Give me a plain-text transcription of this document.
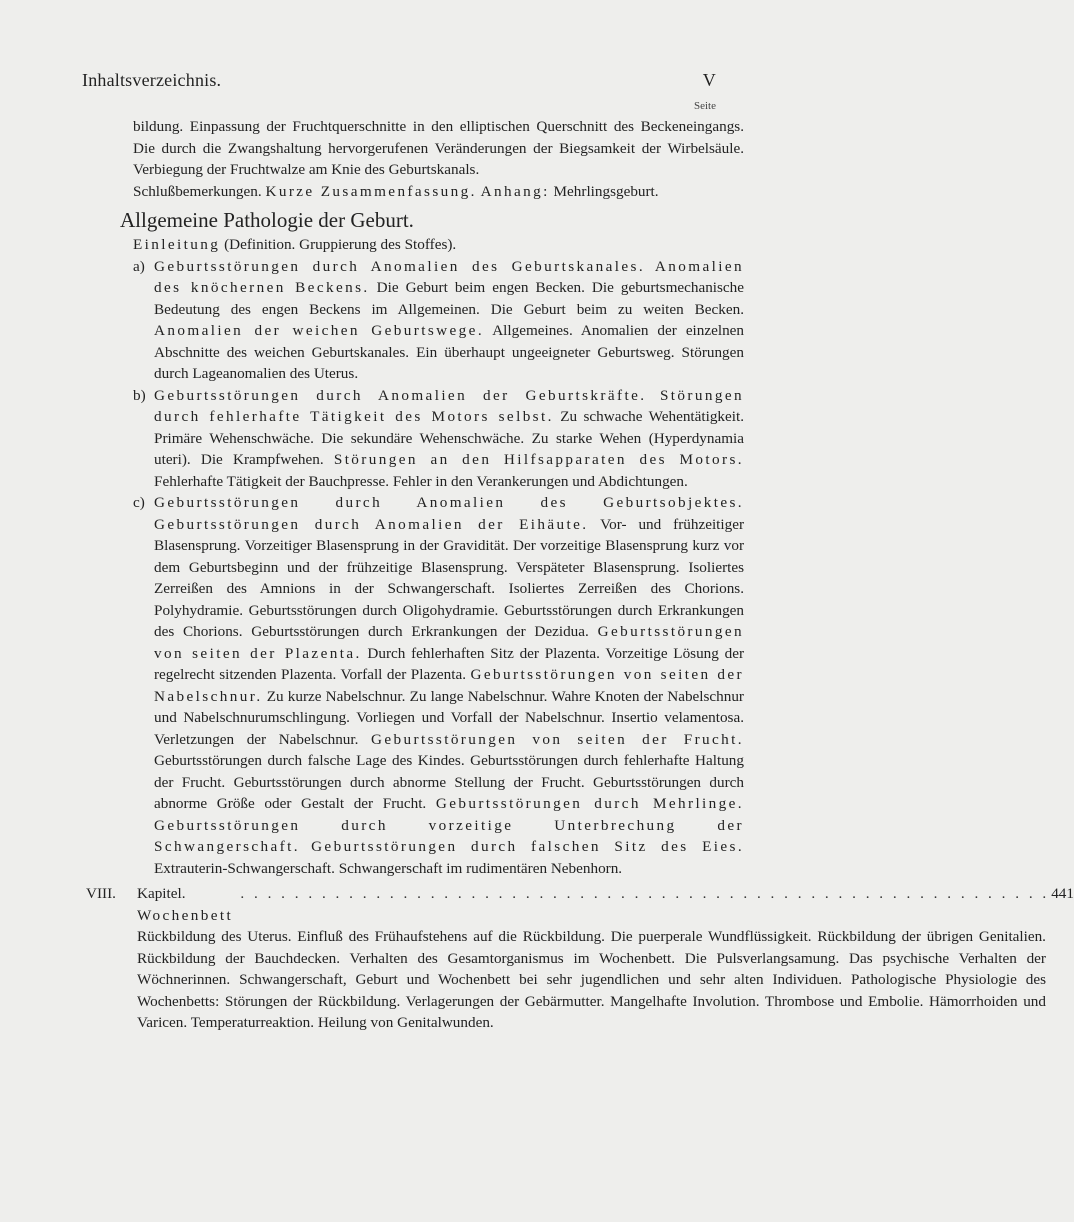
Inhaltsverzeichnis.	V
Seite

bildung. Einpassung der Fruchtquerschnitte in den elliptischen Querschnitt des Beckeneingangs. Die durch die Zwangshaltung hervorgerufenen Veränderungen der Biegsamkeit der Wirbelsäule. Verbiegung der Fruchtwalze am Knie des Geburtskanals.

Schlußbemerkungen. Kurze Zusammenfassung. Anhang: Mehrlingsgeburt.

Allgemeine Pathologie der Geburt.

Einleitung (Definition. Gruppierung des Stoffes).

a) Geburtsstörungen durch Anomalien des Geburtskanales. Anomalien des knöchernen Beckens. Die Geburt beim engen Becken. Die geburtsmechanische Bedeutung des engen Beckens im Allgemeinen. Die Geburt beim zu weiten Becken. Anomalien der weichen Geburtswege. Allgemeines. Anomalien der einzelnen Abschnitte des weichen Geburtskanales. Ein überhaupt ungeeigneter Geburtsweg. Störungen durch Lageanomalien des Uterus.

b) Geburtsstörungen durch Anomalien der Geburtskräfte. Störungen durch fehlerhafte Tätigkeit des Motors selbst. Zu schwache Wehentätigkeit. Primäre Wehenschwäche. Die sekundäre Wehenschwäche. Zu starke Wehen (Hyperdynamia uteri). Die Krampfwehen. Störungen an den Hilfsapparaten des Motors. Fehlerhafte Tätigkeit der Bauchpresse. Fehler in den Verankerungen und Abdichtungen.

c) Geburtsstörungen durch Anomalien des Geburtsobjektes. Geburtsstörungen durch Anomalien der Eihäute. Vor- und frühzeitiger Blasensprung. Vorzeitiger Blasensprung in der Gravidität. Der vorzeitige Blasensprung kurz vor dem Geburtsbeginn und der frühzeitige Blasensprung. Verspäteter Blasensprung. Isoliertes Zerreißen des Amnions in der Schwangerschaft. Isoliertes Zerreißen des Chorions. Polyhydramie. Geburtsstörungen durch Oligohydramie. Geburtsstörungen durch Erkrankungen des Chorions. Geburtsstörungen durch Erkrankungen der Dezidua. Geburtsstörungen von seiten der Plazenta. Durch fehlerhaften Sitz der Plazenta. Vorzeitige Lösung der regelrecht sitzenden Plazenta. Vorfall der Plazenta. Geburtsstörungen von seiten der Nabelschnur. Zu kurze Nabelschnur. Zu lange Nabelschnur. Wahre Knoten der Nabelschnur und Nabelschnurumschlingung. Vorliegen und Vorfall der Nabelschnur. Insertio velamentosa. Verletzungen der Nabelschnur. Geburtsstörungen von seiten der Frucht. Geburtsstörungen durch falsche Lage des Kindes. Geburtsstörungen durch fehlerhafte Haltung der Frucht. Geburtsstörungen durch abnorme Stellung der Frucht. Geburtsstörungen durch abnorme Größe oder Gestalt der Frucht. Geburtsstörungen durch Mehrlinge. Geburtsstörungen durch vorzeitige Unterbrechung der Schwangerschaft. Geburtsstörungen durch falschen Sitz des Eies. Extrauterin-Schwangerschaft. Schwangerschaft im rudimentären Nebenhorn.

VIII.	Kapitel. Wochenbett
. . . . . . . . . . . . . . . . . . . . . . . . . . . . . . . . . . . . . . . . . . . . . . . . . . . . . . . . . . . . 441

Rückbildung des Uterus. Einfluß des Frühaufstehens auf die Rückbildung. Die puerperale Wundflüssigkeit. Rückbildung der übrigen Genitalien. Rückbildung der Bauchdecken. Verhalten des Gesamtorganismus im Wochenbett. Die Pulsverlangsamung. Das psychische Verhalten der Wöchnerinnen. Schwangerschaft, Geburt und Wochenbett bei sehr jugendlichen und sehr alten Individuen. Pathologische Physiologie des Wochenbetts: Störungen der Rückbildung. Verlagerungen der Gebärmutter. Mangelhafte Involution. Thrombose und Embolie. Hämorrhoiden und Varicen. Temperaturreaktion. Heilung von Genitalwunden.
